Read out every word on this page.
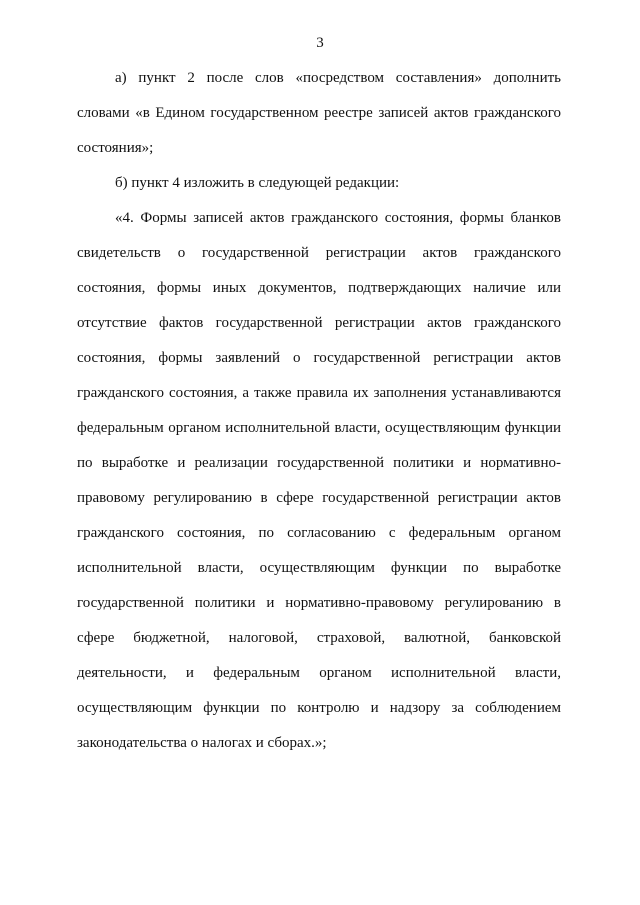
3
а) пункт 2 после слов «посредством составления» дополнить
словами «в Едином государственном реестре записей актов гражданского
состояния»;
б) пункт 4 изложить в следующей редакции:
«4. Формы записей актов гражданского состояния, формы бланков
свидетельств о государственной регистрации актов гражданского
состояния, формы иных документов, подтверждающих наличие или
отсутствие фактов государственной регистрации актов гражданского
состояния, формы заявлений о государственной регистрации актов
гражданского состояния, а также правила их заполнения устанавливаются
федеральным органом исполнительной власти, осуществляющим функции
по выработке и реализации государственной политики и нормативно-
правовому регулированию в сфере государственной регистрации актов
гражданского состояния, по согласованию с федеральным органом
исполнительной власти, осуществляющим функции по выработке
государственной политики и нормативно-правовому регулированию в
сфере бюджетной, налоговой, страховой, валютной, банковской
деятельности, и федеральным органом исполнительной власти,
осуществляющим функции по контролю и надзору за соблюдением
законодательства о налогах и сборах.»;
